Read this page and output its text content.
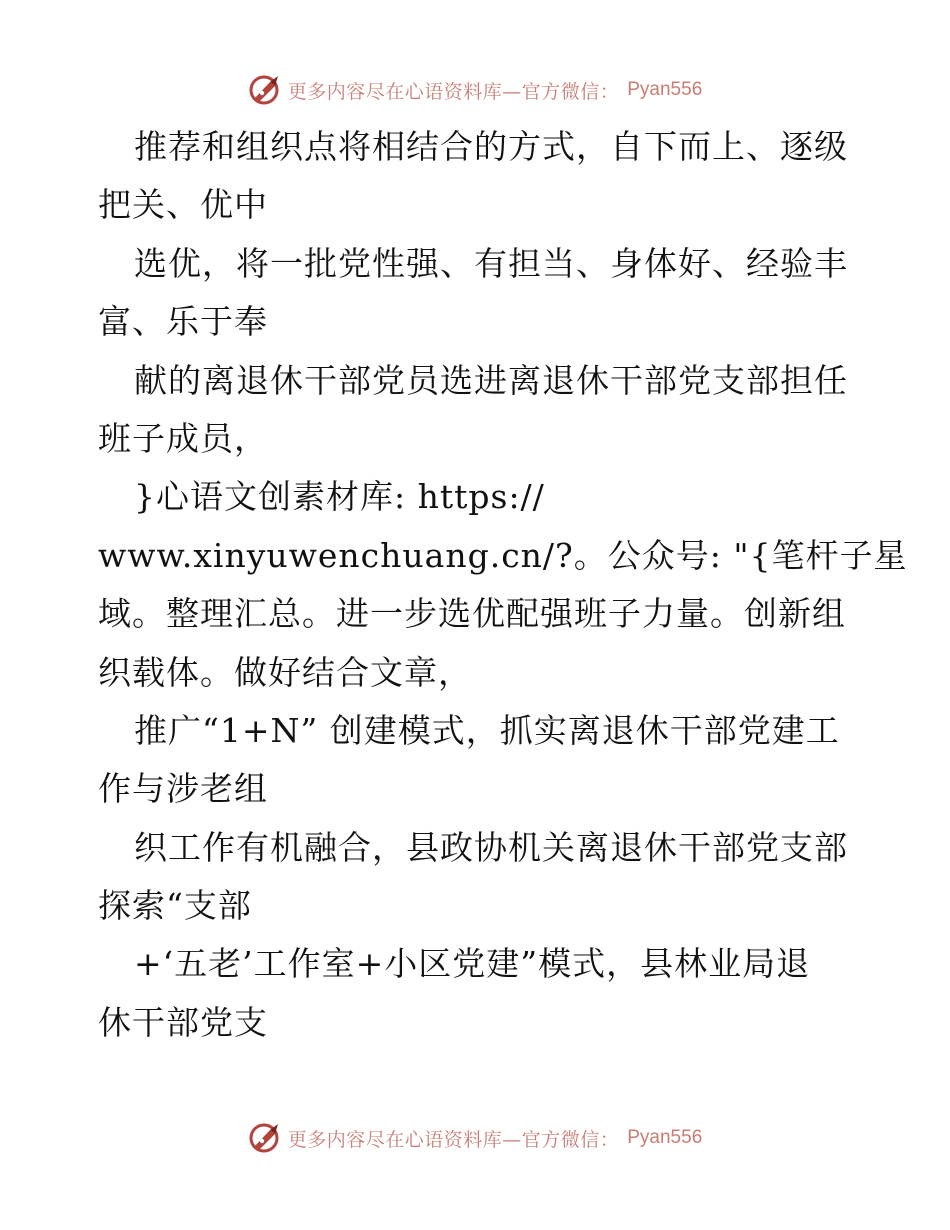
更多内容尽在心语资料库—官方微信： Pyan556
推荐和组织点将相结合的方式，自下而上、逐级
把关、优中
选优，将一批党性强、有担当、身体好、经验丰
富、乐于奉
献的离退休干部党员选进离退休干部党支部担任
班子成员，
}心语文创素材库: https://
www.xinyuwenchuang.cn/?。公众号: "{笔杆子星
域。整理汇总。进一步选优配强班子力量。创新组
织载体。做好结合文章，
推广“1+N” 创建模式，抓实离退休干部党建工
作与涉老组
织工作有机融合，县政协机关离退休干部党支部
探索“支部
+‘五老’工作室+小区党建”模式，县林业局退
休干部党支
更多内容尽在心语资料库—官方微信： Pyan556
